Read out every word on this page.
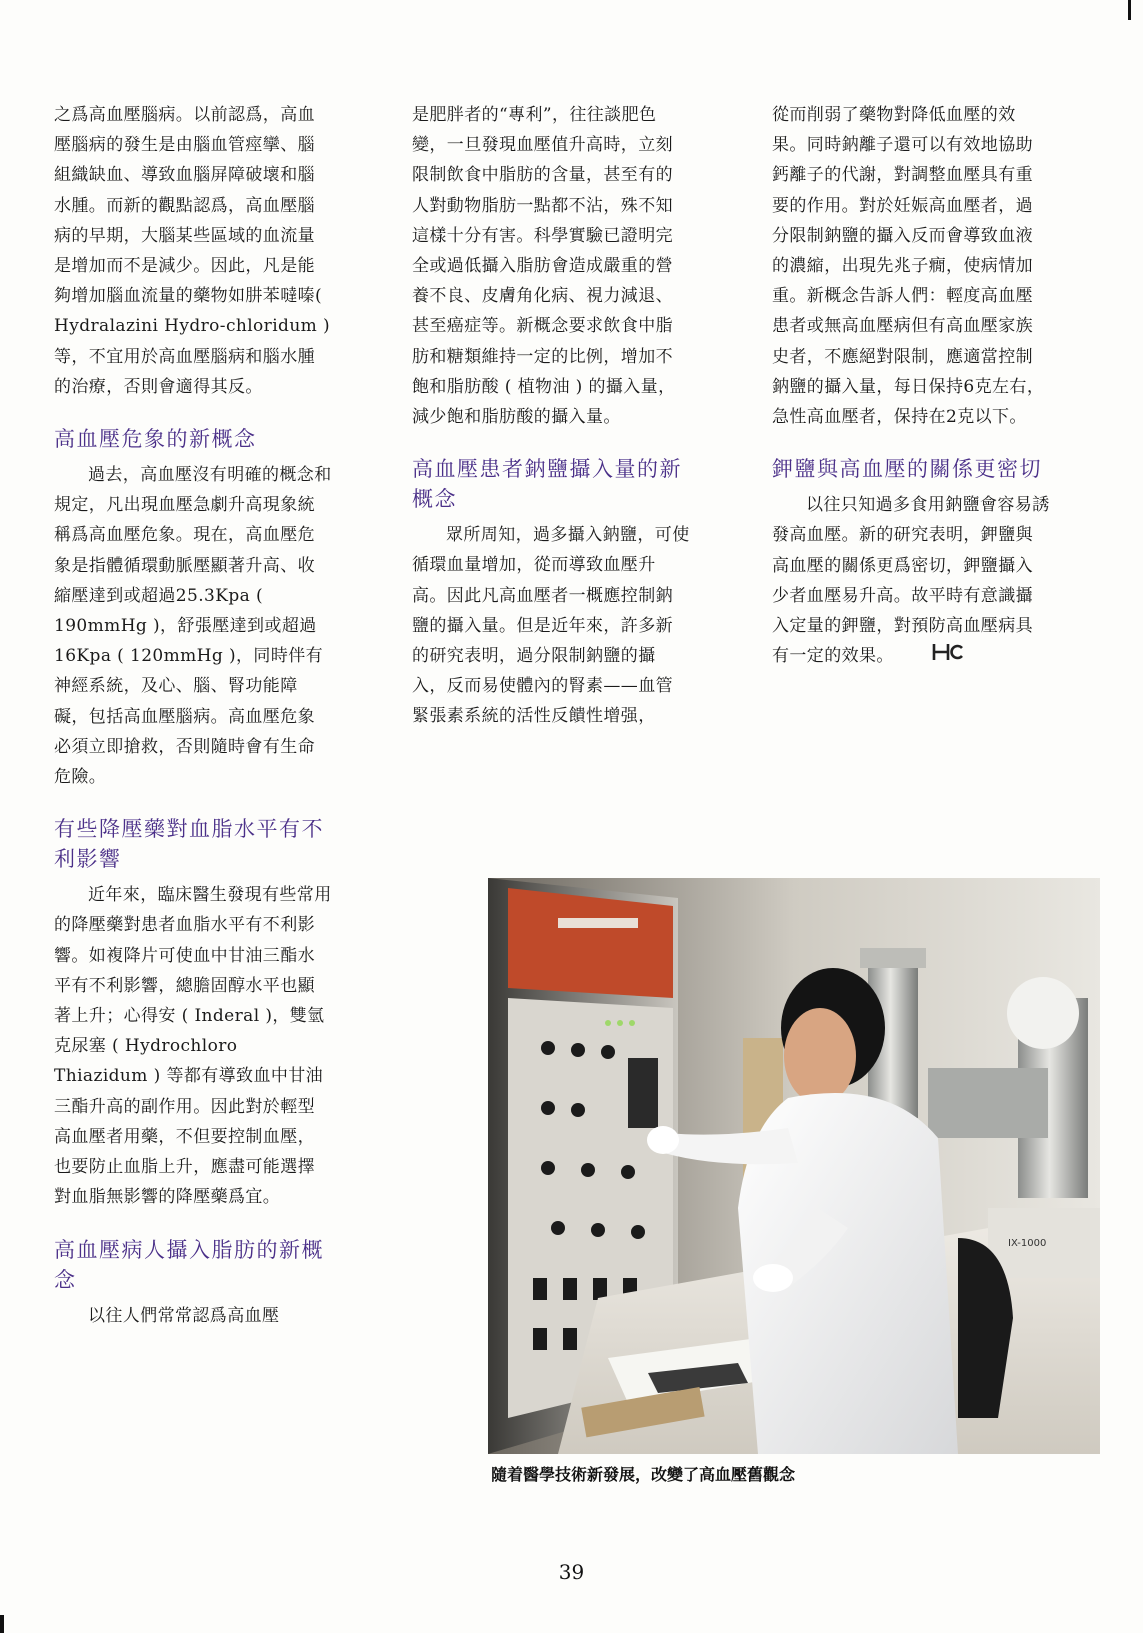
之爲高血壓腦病。以前認爲，高血壓腦病的發生是由腦血管痙攣、腦組織缺血、導致血腦屏障破壞和腦水腫。而新的觀點認爲，高血壓腦病的早期，大腦某些區域的血流量是增加而不是減少。因此，凡是能夠增加腦血流量的藥物如肼苯噠嗪( Hydralazini Hydro-chloridum ) 等，不宜用於高血壓腦病和腦水腫的治療，否則會適得其反。

高血壓危象的新概念

過去，高血壓沒有明確的概念和規定，凡出現血壓急劇升高現象統稱爲高血壓危象。現在，高血壓危象是指體循環動脈壓顯著升高、收縮壓達到或超過25.3Kpa ( 190mmHg )，舒張壓達到或超過16Kpa ( 120mmHg )，同時伴有神經系統，及心、腦、腎功能障礙，包括高血壓腦病。高血壓危象必須立即搶救，否則隨時會有生命危險。

有些降壓藥對血脂水平有不利影響

近年來，臨床醫生發現有些常用的降壓藥對患者血脂水平有不利影響。如複降片可使血中甘油三酯水平有不利影響，總膽固醇水平也顯著上升；心得安 ( Inderal )，雙氫克尿塞 ( Hydrochloro Thiazidum ) 等都有導致血中甘油三酯升高的副作用。因此對於輕型高血壓者用藥，不但要控制血壓，也要防止血脂上升，應盡可能選擇對血脂無影響的降壓藥爲宜。

高血壓病人攝入脂肪的新概念

以往人們常常認爲高血壓

是肥胖者的“專利”，往往談肥色變，一旦發現血壓值升高時，立刻限制飲食中脂肪的含量，甚至有的人對動物脂肪一點都不沾，殊不知這樣十分有害。科學實驗已證明完全或過低攝入脂肪會造成嚴重的營養不良、皮膚角化病、視力減退、甚至癌症等。新概念要求飲食中脂肪和糖類維持一定的比例，增加不飽和脂肪酸 ( 植物油 ) 的攝入量，減少飽和脂肪酸的攝入量。

高血壓患者鈉鹽攝入量的新概念

眾所周知，過多攝入鈉鹽，可使循環血量增加，從而導致血壓升高。因此凡高血壓者一概應控制鈉鹽的攝入量。但是近年來，許多新的研究表明，過分限制鈉鹽的攝入，反而易使體內的腎素——血管緊張素系統的活性反饋性增强，

從而削弱了藥物對降低血壓的效果。同時鈉離子還可以有效地協助鈣離子的代謝，對調整血壓具有重要的作用。對於妊娠高血壓者，過分限制鈉鹽的攝入反而會導致血液的濃縮，出現先兆子癇，使病情加重。新概念告訴人們：輕度高血壓患者或無高血壓病但有高血壓家族史者，不應絕對限制，應適當控制鈉鹽的攝入量，每日保持6克左右，急性高血壓者，保持在2克以下。

鉀鹽與高血壓的關係更密切

以往只知過多食用鈉鹽會容易誘發高血壓。新的研究表明，鉀鹽與高血壓的關係更爲密切，鉀鹽攝入少者血壓易升高。故平時有意識攝入定量的鉀鹽，對預防高血壓病具有一定的效果。

IX-1000
隨着醫學技術新發展，改變了高血壓舊觀念
39
